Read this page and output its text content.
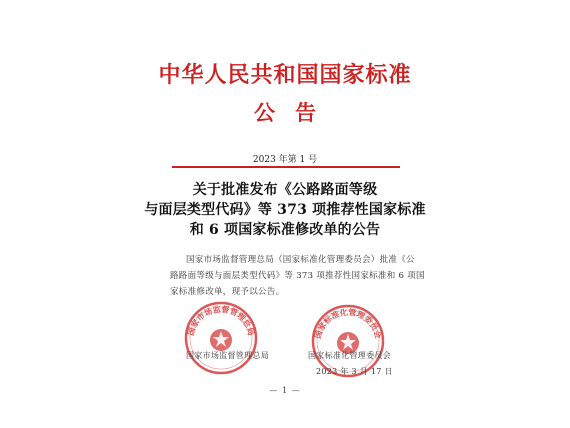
中华人民共和国国家标准
公告
2023 年第 1 号
关于批准发布《公路路面等级
与面层类型代码》等 373 项推荐性国家标准
和 6 项国家标准修改单的公告
国家市场监督管理总局（国家标准化管理委员会）批准《公
路路面等级与面层类型代码》等 373 项推荐性国家标准和 6 项国
家标准修改单，现予以公告。
国家市场监督管理总局
国家市场监督管理总局
国家标准化管理委员会
国家标准化管理委员会
2023 年 3 月 17 日
— 1 —
